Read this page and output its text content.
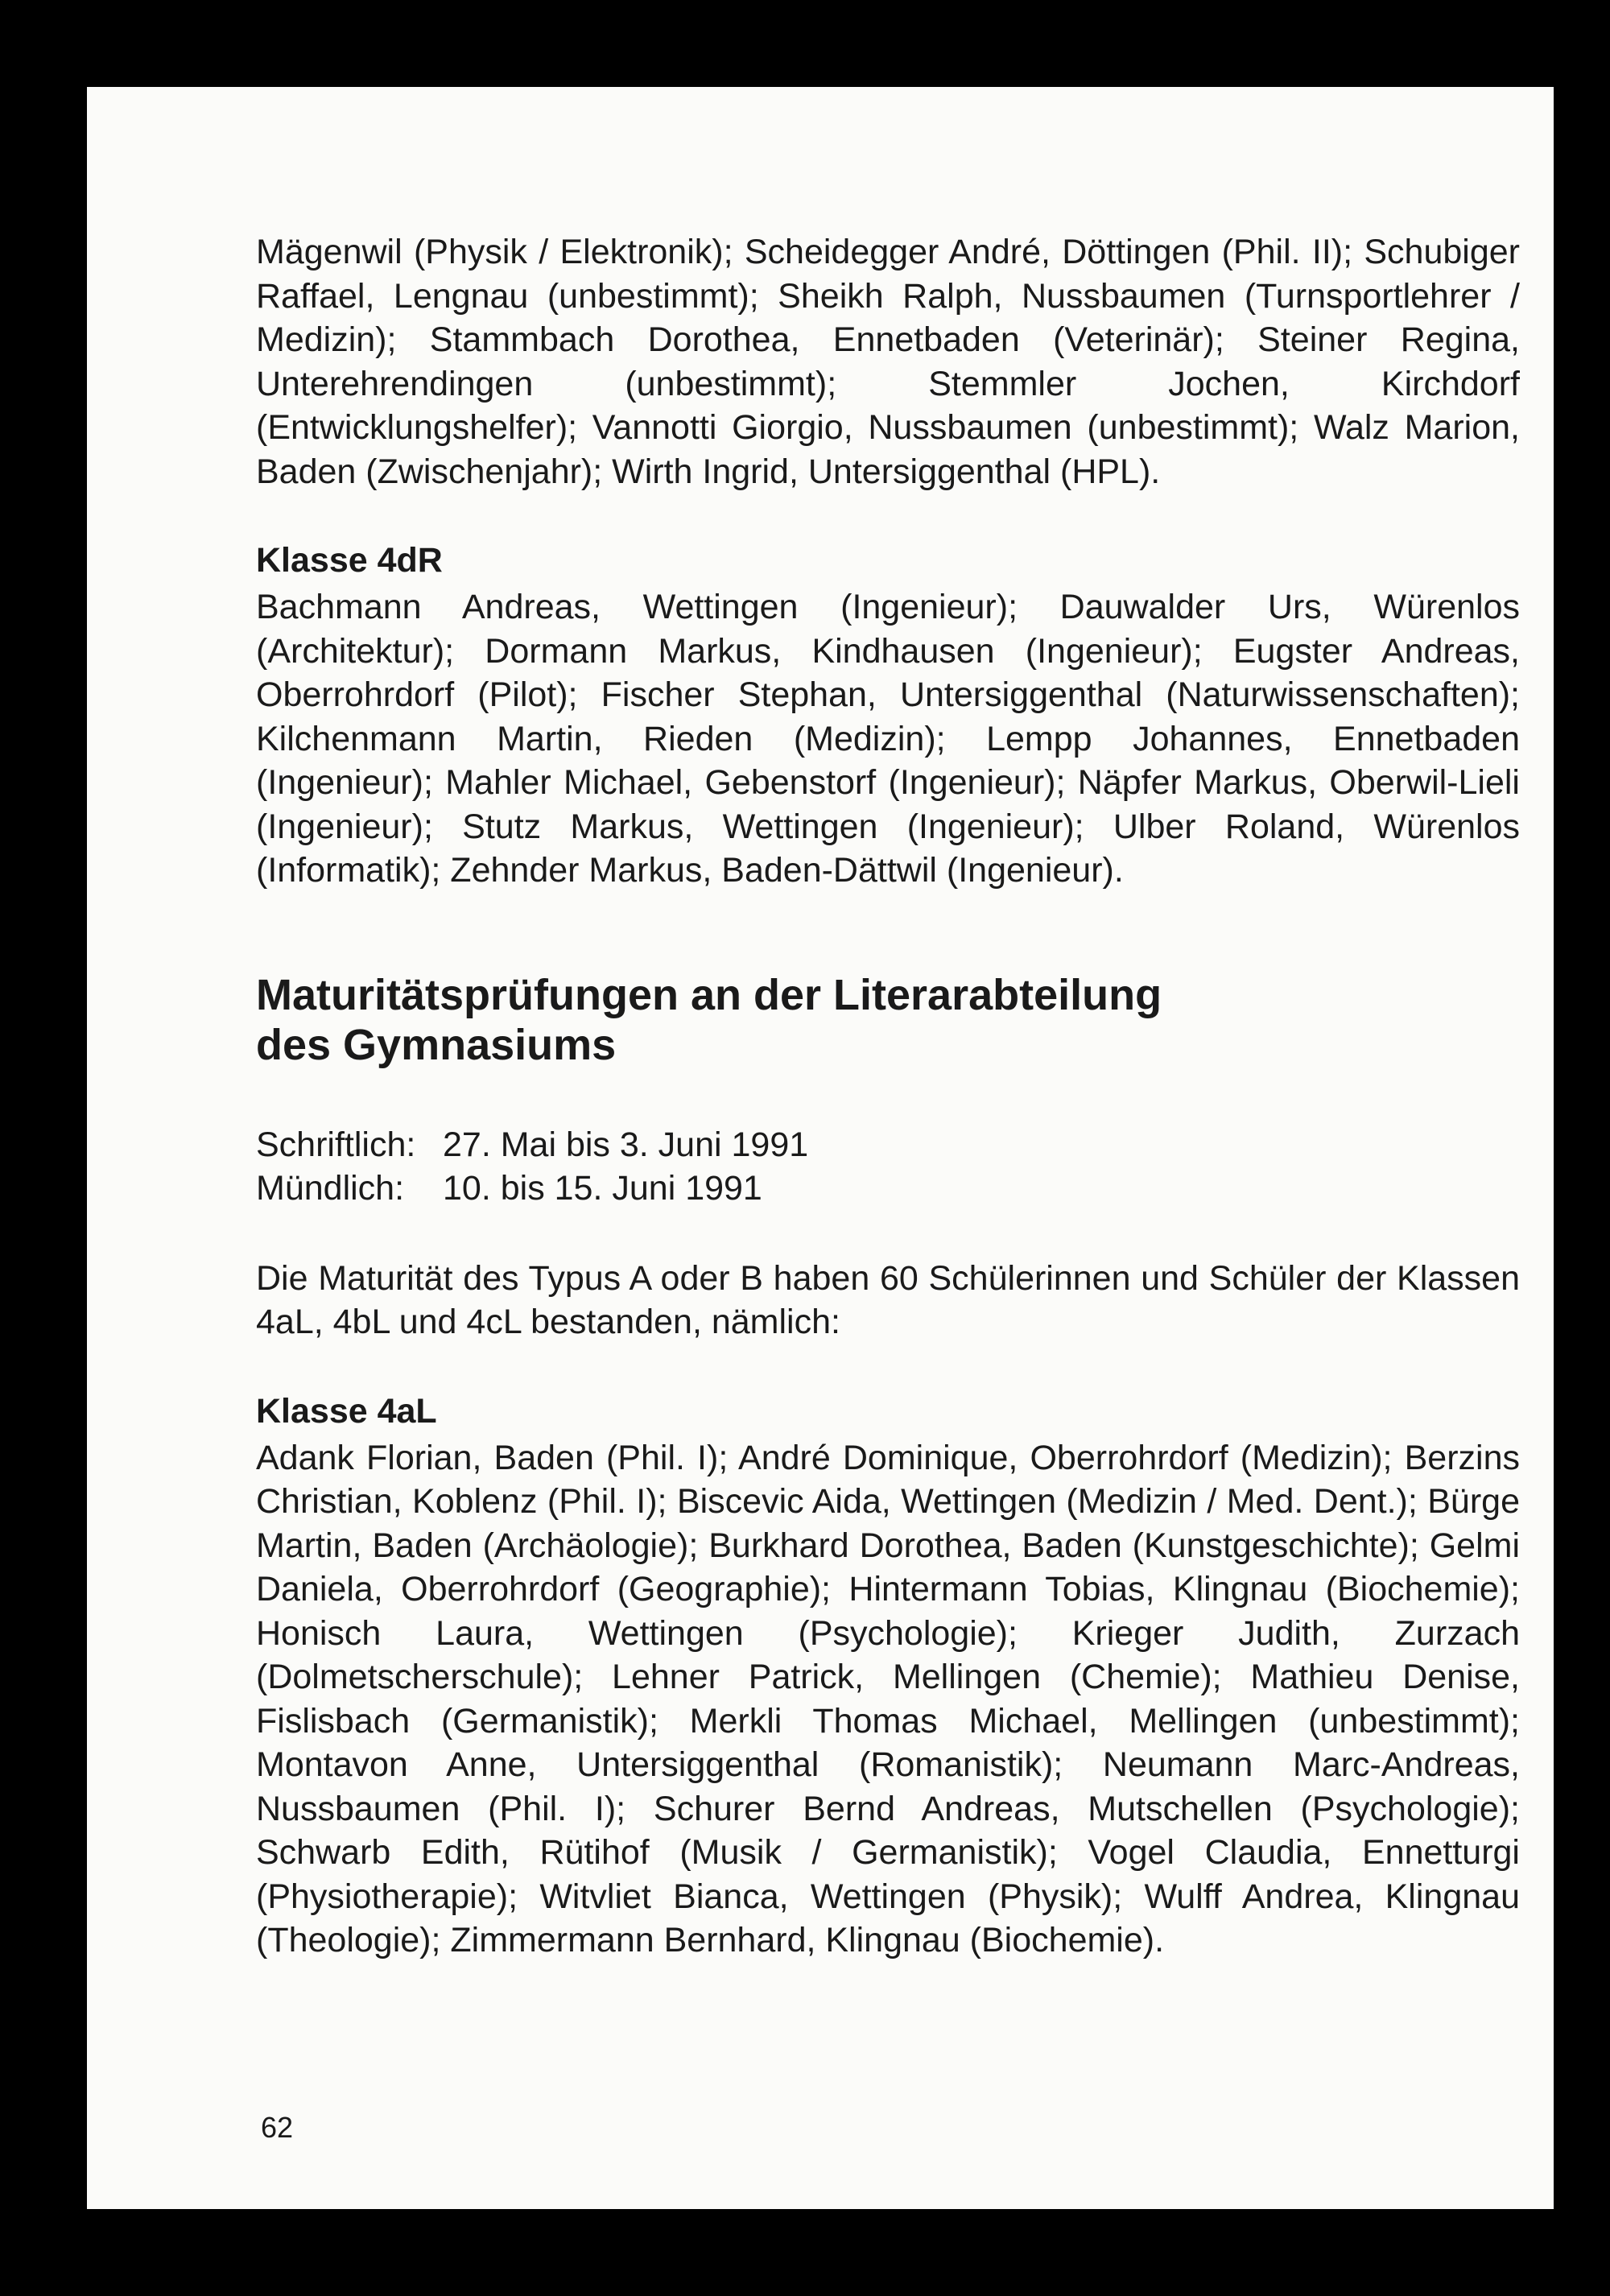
Mägenwil (Physik / Elektronik); Scheidegger André, Döttingen (Phil. II); Schubiger Raffael, Lengnau (unbestimmt); Sheikh Ralph, Nussbaumen (Turnsportlehrer / Medizin); Stammbach Dorothea, Ennetbaden (Veterinär); Steiner Regina, Unterehrendingen (unbestimmt); Stemmler Jochen, Kirchdorf (Entwicklungshelfer); Vannotti Giorgio, Nussbaumen (unbestimmt); Walz Marion, Baden (Zwischenjahr); Wirth Ingrid, Untersiggenthal (HPL).

Klasse 4dR

Bachmann Andreas, Wettingen (Ingenieur); Dauwalder Urs, Würenlos (Architektur); Dormann Markus, Kindhausen (Ingenieur); Eugster Andreas, Oberrohrdorf (Pilot); Fischer Stephan, Untersiggenthal (Naturwissenschaften); Kilchenmann Martin, Rieden (Medizin); Lempp Johannes, Ennetbaden (Ingenieur); Mahler Michael, Gebenstorf (Ingenieur); Näpfer Markus, Oberwil-Lieli (Ingenieur); Stutz Markus, Wettingen (Ingenieur); Ulber Roland, Würenlos (Informatik); Zehnder Markus, Baden-Dättwil (Ingenieur).

Maturitätsprüfungen an der Literarabteilung
des Gymnasiums
Schriftlich: 27. Mai bis 3. Juni 1991
Mündlich:	10. bis 15. Juni 1991

Die Maturität des Typus A oder B haben 60 Schülerinnen und Schüler der Klassen 4aL, 4bL und 4cL bestanden, nämlich:

Klasse 4aL

Adank Florian, Baden (Phil. I); André Dominique, Oberrohrdorf (Medizin); Berzins Christian, Koblenz (Phil. I); Biscevic Aida, Wettingen (Medizin / Med. Dent.); Bürge Martin, Baden (Archäologie); Burkhard Dorothea, Baden (Kunstgeschichte); Gelmi Daniela, Oberrohrdorf (Geographie); Hintermann Tobias, Klingnau (Biochemie); Honisch Laura, Wettingen (Psychologie); Krieger Judith, Zurzach (Dolmetscherschule); Lehner Patrick, Mellingen (Chemie); Mathieu Denise, Fislisbach (Germanistik); Merkli Thomas Michael, Mellingen (unbestimmt); Montavon Anne, Untersiggenthal (Romanistik); Neumann Marc-Andreas, Nussbaumen (Phil. I); Schurer Bernd Andreas, Mutschellen (Psychologie); Schwarb Edith, Rütihof (Musik / Germanistik); Vogel Claudia, Ennetturgi (Physiotherapie); Witvliet Bianca, Wettingen (Physik); Wulff Andrea, Klingnau (Theologie); Zimmermann Bernhard, Klingnau (Biochemie).

62
